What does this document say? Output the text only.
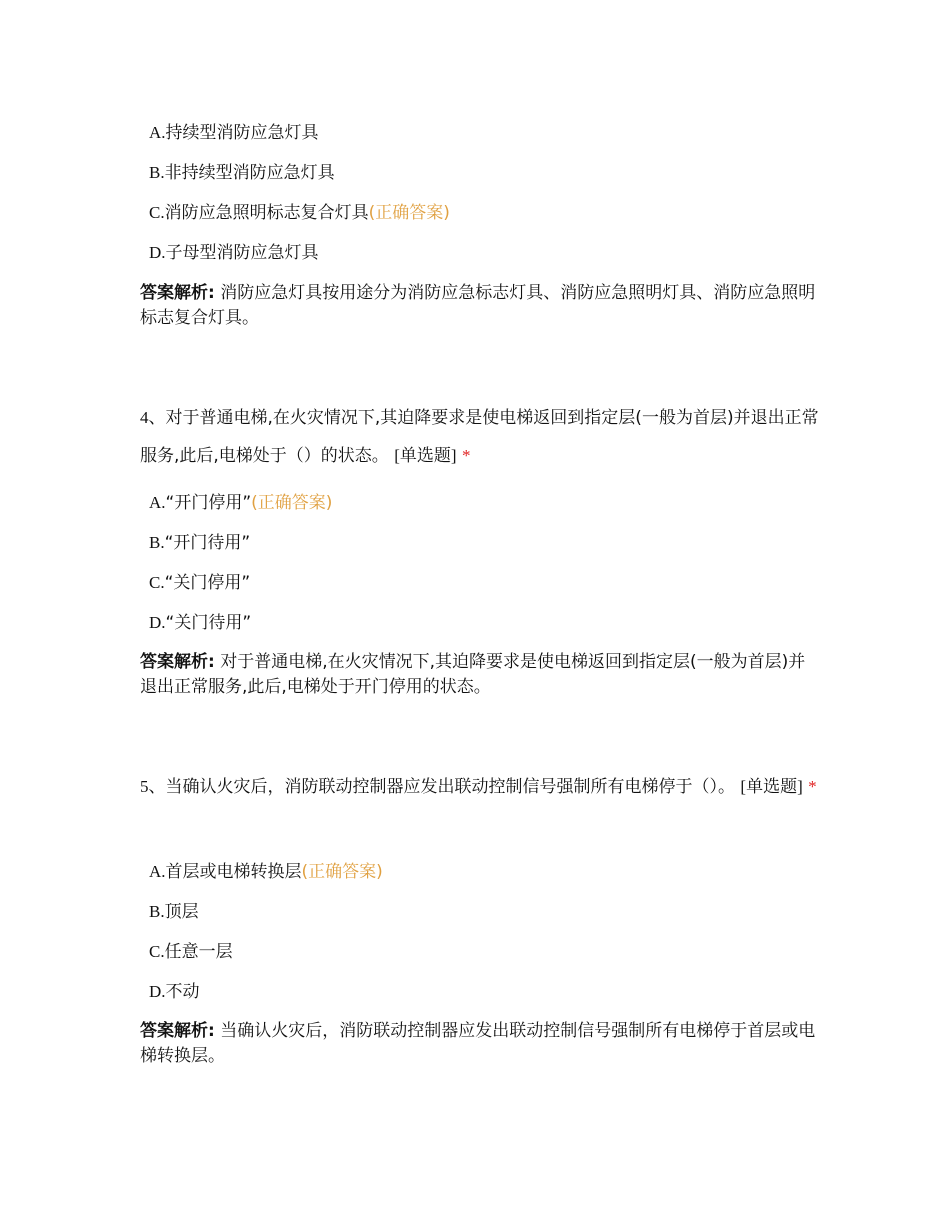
A.持续型消防应急灯具
B.非持续型消防应急灯具
C.消防应急照明标志复合灯具(正确答案)
D.子母型消防应急灯具
答案解析: 消防应急灯具按用途分为消防应急标志灯具、消防应急照明灯具、消防应急照明标志复合灯具。
4、对于普通电梯,在火灾情况下,其迫降要求是使电梯返回到指定层(一般为首层)并退出正常服务,此后,电梯处于（）的状态。 [单选题] *
A.“开门停用”(正确答案)
B.“开门待用”
C.“关门停用”
D.“关门待用”
答案解析: 对于普通电梯,在火灾情况下,其迫降要求是使电梯返回到指定层(一般为首层)并退出正常服务,此后,电梯处于开门停用的状态。
5、当确认火灾后，消防联动控制器应发出联动控制信号强制所有电梯停于（）。 [单选题] *
A.首层或电梯转换层(正确答案)
B.顶层
C.任意一层
D.不动
答案解析: 当确认火灾后，消防联动控制器应发出联动控制信号强制所有电梯停于首层或电梯转换层。
